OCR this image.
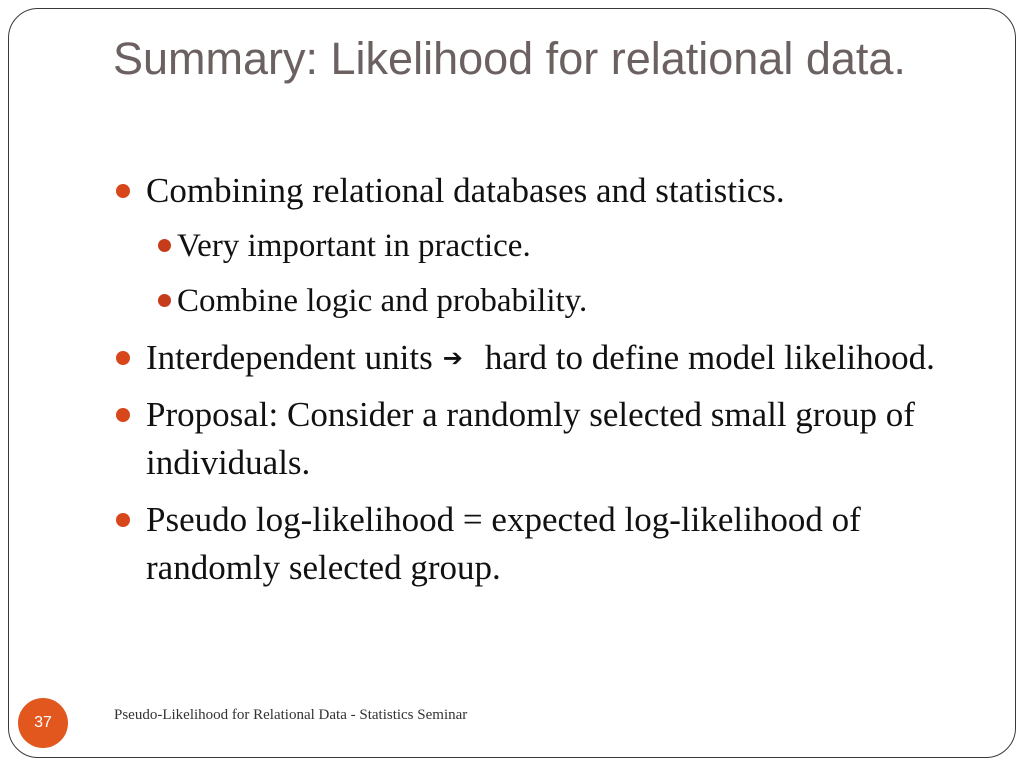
Summary: Likelihood for relational data.
Combining relational databases and statistics.
Very important in practice.
Combine logic and probability.
Interdependent units ➔ hard to define model likelihood.
Proposal: Consider a randomly selected small group of individuals.
Pseudo log-likelihood = expected log-likelihood of randomly selected group.
37	Pseudo-Likelihood for Relational Data - Statistics Seminar
